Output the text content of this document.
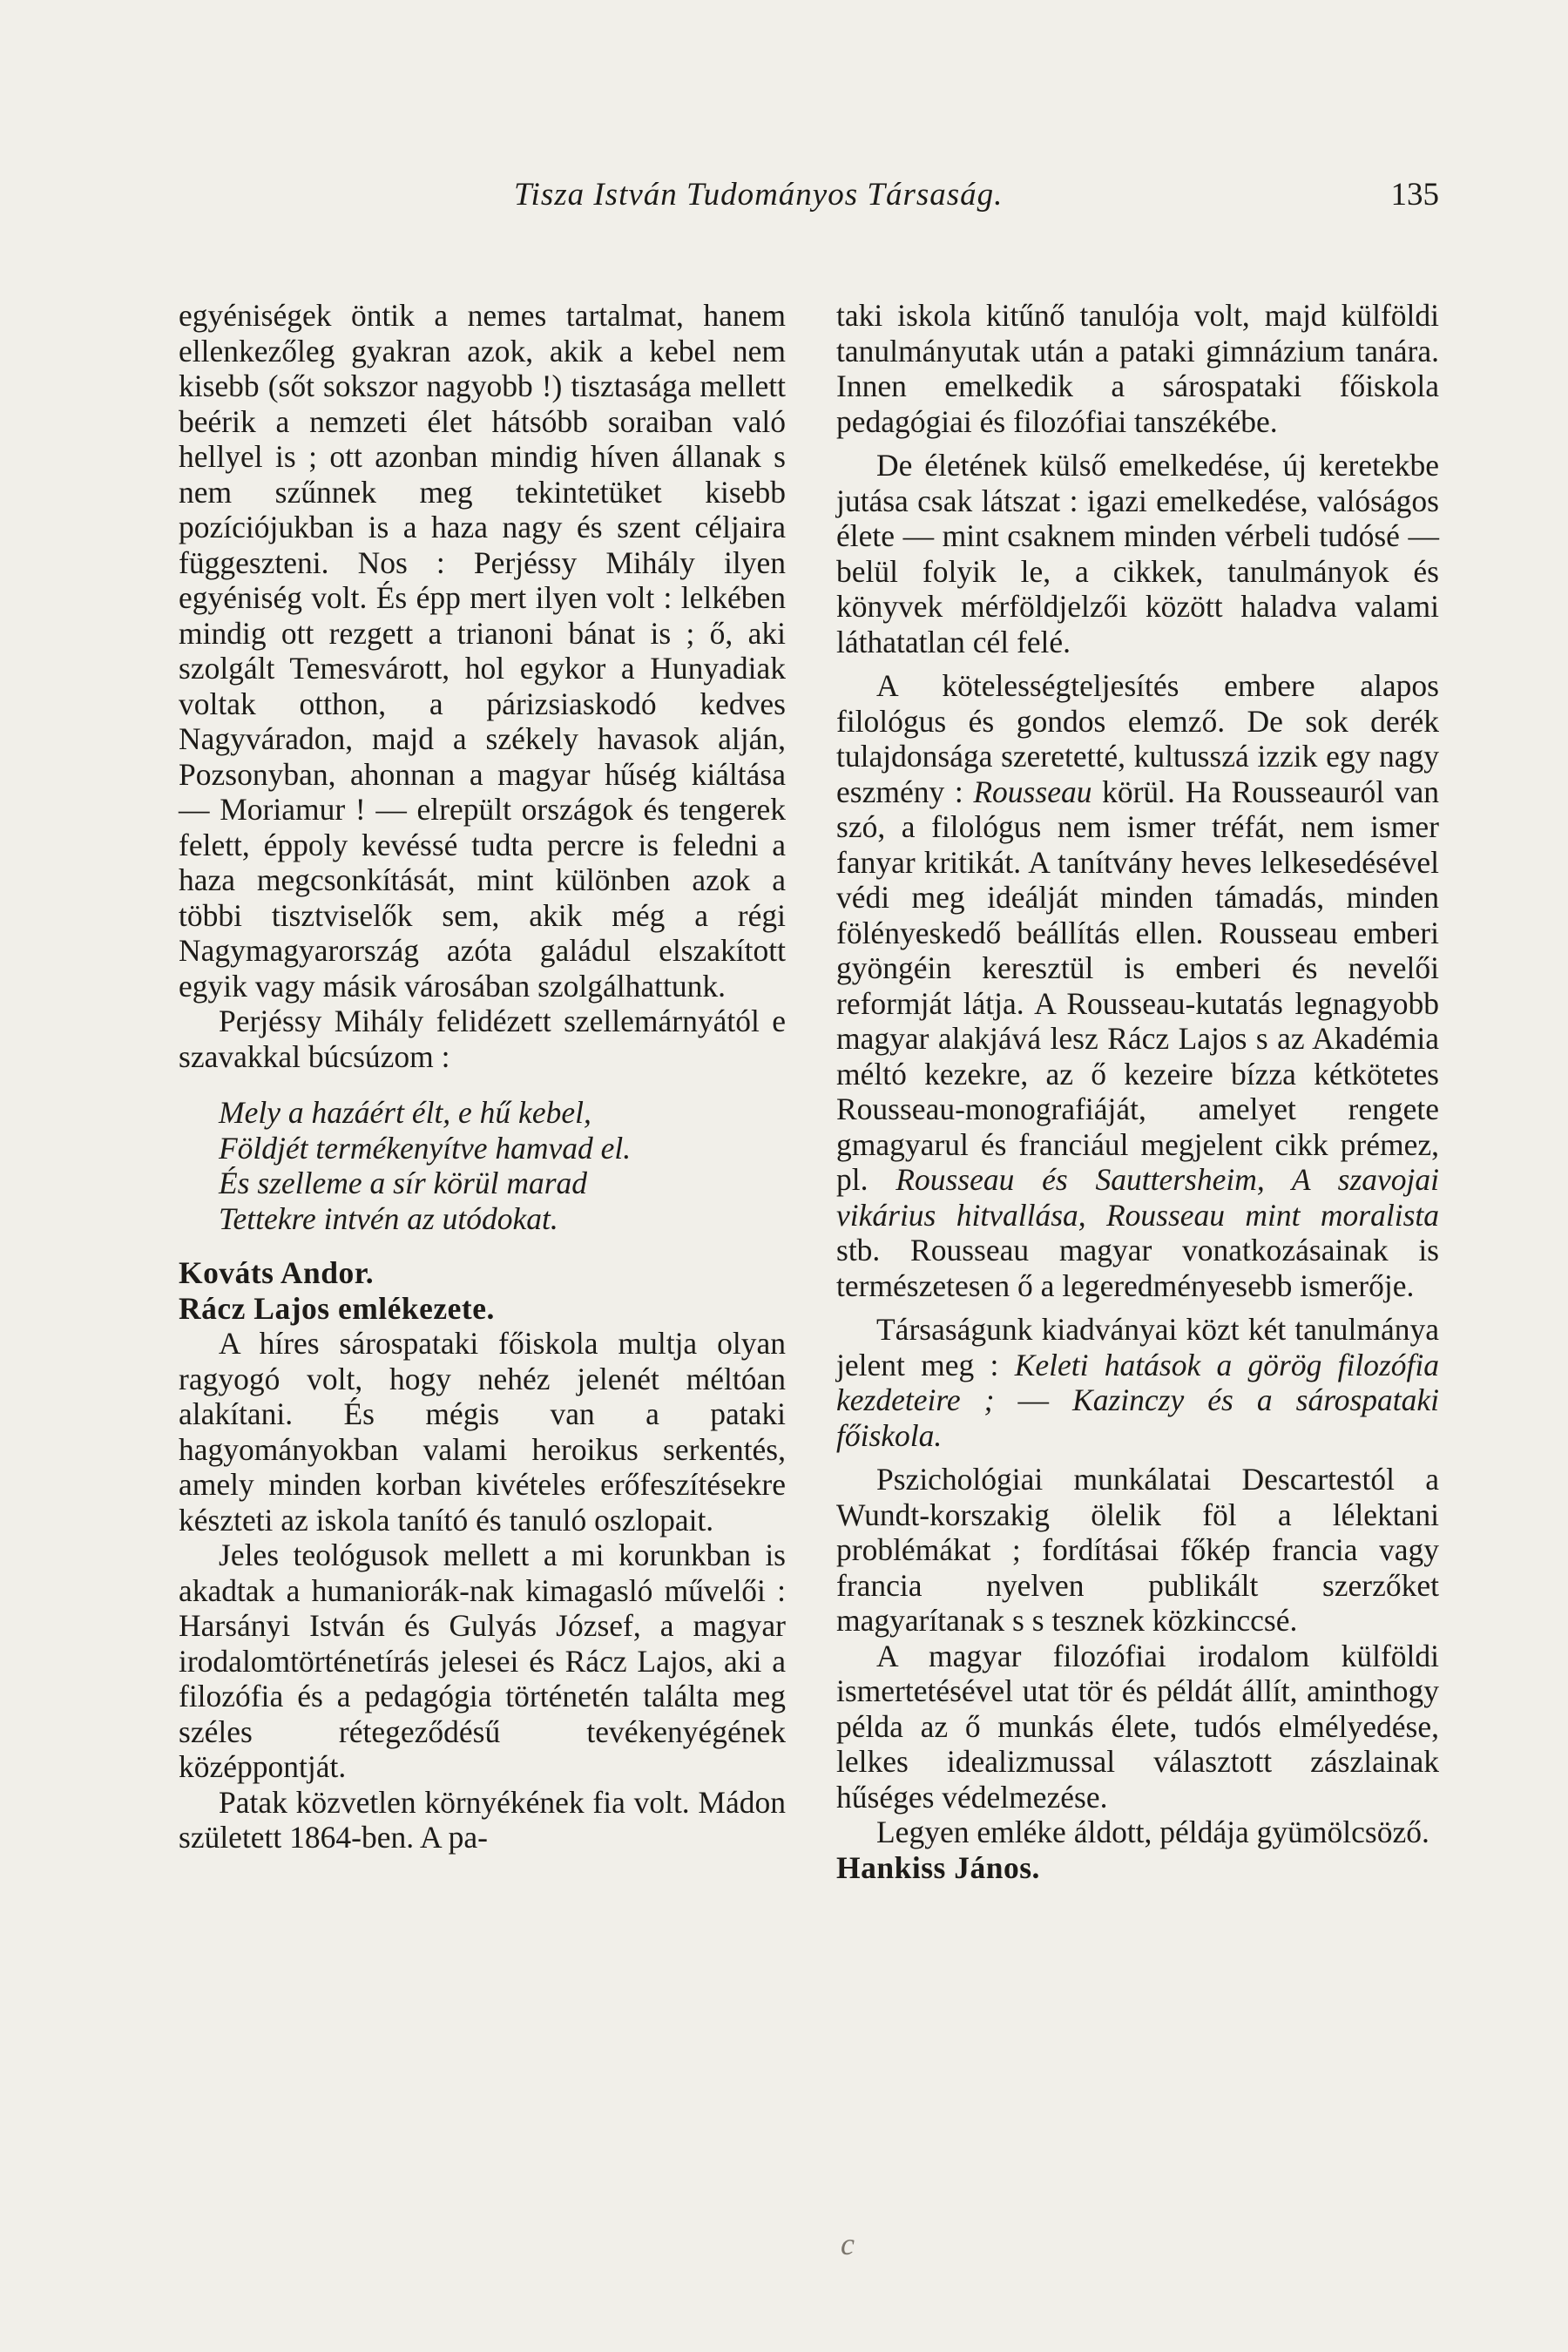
Tisza István Tudományos Társaság.	135

egyéniségek öntik a nemes tartalmat, hanem ellenkezőleg gyakran azok, akik a kebel nem kisebb (sőt sokszor nagyobb !) tisztasága mellett beérik a nemzeti élet hátsóbb soraiban való hellyel is ; ott azonban mindig híven állanak s nem szűnnek meg tekintetüket kisebb pozíciójukban is a haza nagy és szent céljaira függeszteni. Nos : Perjéssy Mihály ilyen egyéniség volt. És épp mert ilyen volt : lelkében mindig ott rezgett a trianoni bánat is ; ő, aki szolgált Temesvárott, hol egykor a Hunyadiak voltak otthon, a párizsiaskodó kedves Nagyváradon, majd a székely havasok alján, Pozsonyban, ahonnan a magyar hűség kiáltása — Moriamur ! — elrepült országok és tengerek felett, éppoly kevéssé tudta percre is feledni a haza megcsonkítását, mint különben azok a többi tisztviselők sem, akik még a régi Nagymagyarország azóta galádul elszakított egyik vagy másik városában szolgálhattunk.

Perjéssy Mihály felidézett szellemárnyától e szavakkal búcsúzom :

Mely a hazáért élt, e hű kebel,
Földjét termékenyítve hamvad el.
És szelleme a sír körül marad
Tettekre intvén az utódokat.

Kováts Andor.

Rácz Lajos emlékezete.

A híres sárospataki főiskola multja olyan ragyogó volt, hogy nehéz jelenét méltóan alakítani. És mégis van a pataki hagyományokban valami heroikus serkentés, amely minden korban kivételes erőfeszítésekre készteti az iskola tanító és tanuló oszlopait.

Jeles teológusok mellett a mi korunkban is akadtak a humaniorák-nak kimagasló művelői : Harsányi István és Gulyás József, a magyar irodalomtörténetírás jelesei és Rácz Lajos, aki a filozófia és a pedagógia történetén találta meg széles rétegeződésű tevékenyégének középpontját.

Patak közvetlen környékének fia volt. Mádon született 1864-ben. A pa-

taki iskola kitűnő tanulója volt, majd külföldi tanulmányutak után a pataki gimnázium tanára. Innen emelkedik a sárospataki főiskola pedagógiai és filozófiai tanszékébe.

De életének külső emelkedése, új keretekbe jutása csak látszat : igazi emelkedése, valóságos élete — mint csaknem minden vérbeli tudósé — belül folyik le, a cikkek, tanulmányok és könyvek mérföldjelzői között haladva valami láthatatlan cél felé.

A kötelességteljesítés embere alapos filológus és gondos elemző. De sok derék tulajdonsága szeretetté, kultusszá izzik egy nagy eszmény : Rousseau körül. Ha Rousseauról van szó, a filológus nem ismer tréfát, nem ismer fanyar kritikát. A tanítvány heves lelkesedésével védi meg ideálját minden támadás, minden fölényeskedő beállítás ellen. Rousseau emberi gyöngéin keresztül is emberi és nevelői reformját látja. A Rousseau-kutatás legnagyobb magyar alakjává lesz Rácz Lajos s az Akadémia méltó kezekre, az ő kezeire bízza kétkötetes Rousseau-monografiáját, amelyet rengete gmagyarul és franciául megjelent cikk prémez, pl. Rousseau és Sauttersheim, A szavojai vikárius hitvallása, Rousseau mint moralista stb. Rousseau magyar vonatkozásainak is természetesen ő a legeredményesebb ismerője.

Társaságunk kiadványai közt két tanulmánya jelent meg : Keleti hatások a görög filozófia kezdeteire ; — Kazinczy és a sárospataki főiskola.

Pszichológiai munkálatai Descartestól a Wundt-korszakig ölelik föl a lélektani problémákat ; fordításai főkép francia vagy francia nyelven publikált szerzőket magyarítanak s s tesznek közkinccsé.

A magyar filozófiai irodalom külföldi ismertetésével utat tör és példát állít, aminthogy példa az ő munkás élete, tudós elmélyedése, lelkes idealizmussal választott zászlainak hűséges védelmezése.

Legyen emléke áldott, példája gyümölcsöző.

Hankiss János.

c
